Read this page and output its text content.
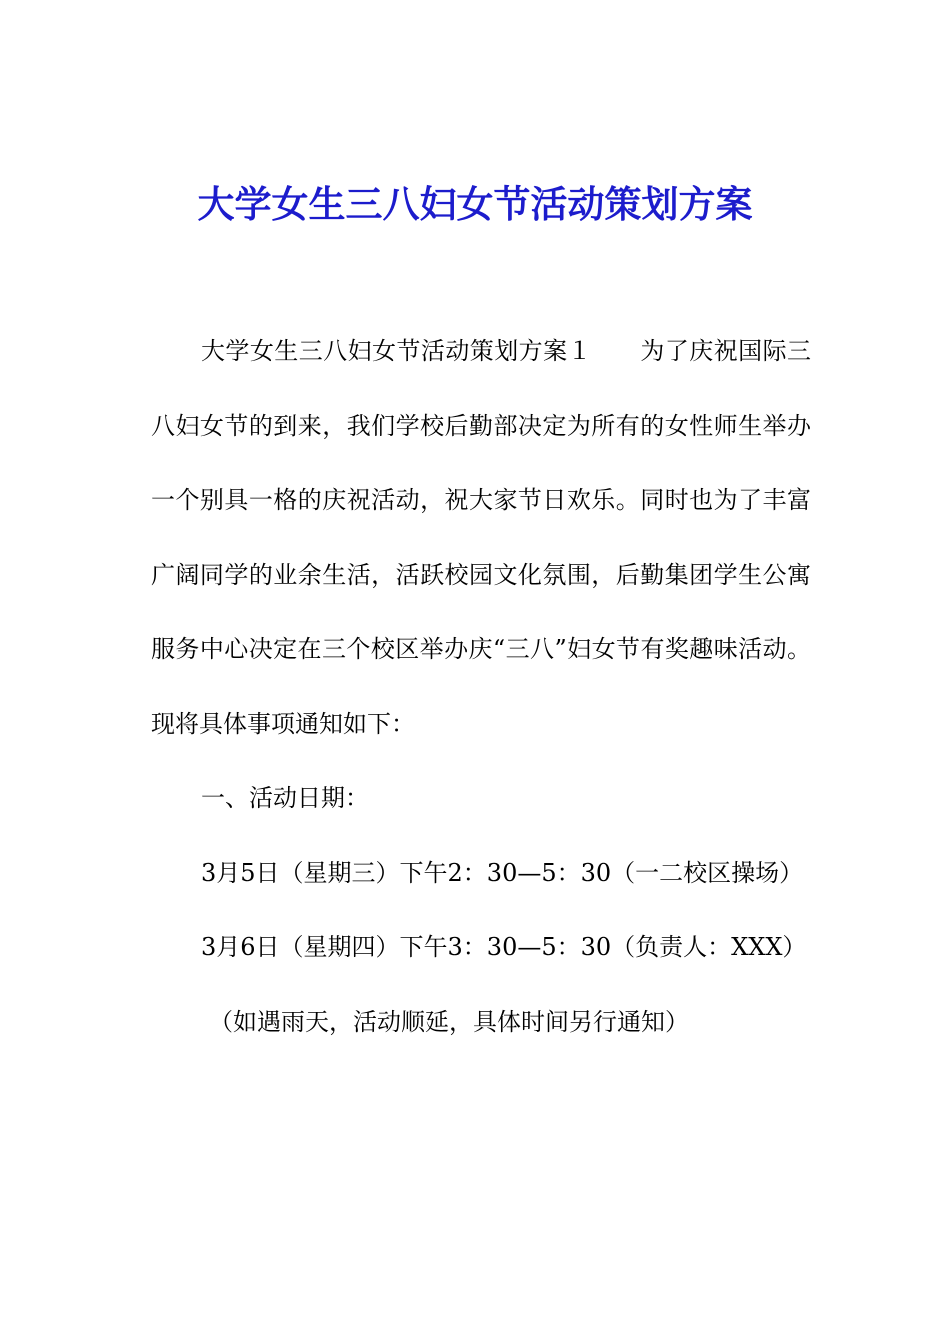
大学女生三八妇女节活动策划方案

大学女生三八妇女节活动策划方案１ 为了庆祝国际三八妇女节的到来，我们学校后勤部决定为所有的女性师生举办一个别具一格的庆祝活动，祝大家节日欢乐。同时也为了丰富广阔同学的业余生活，活跃校园文化氛围，后勤集团学生公寓服务中心决定在三个校区举办庆“三八”妇女节有奖趣味活动。现将具体事项通知如下：

一、活动日期：

3月5日（星期三）下午2：30—5：30（一二校区操场）

3月6日（星期四）下午3：30—5：30（负责人：XXX）

（如遇雨天，活动顺延，具体时间另行通知）
